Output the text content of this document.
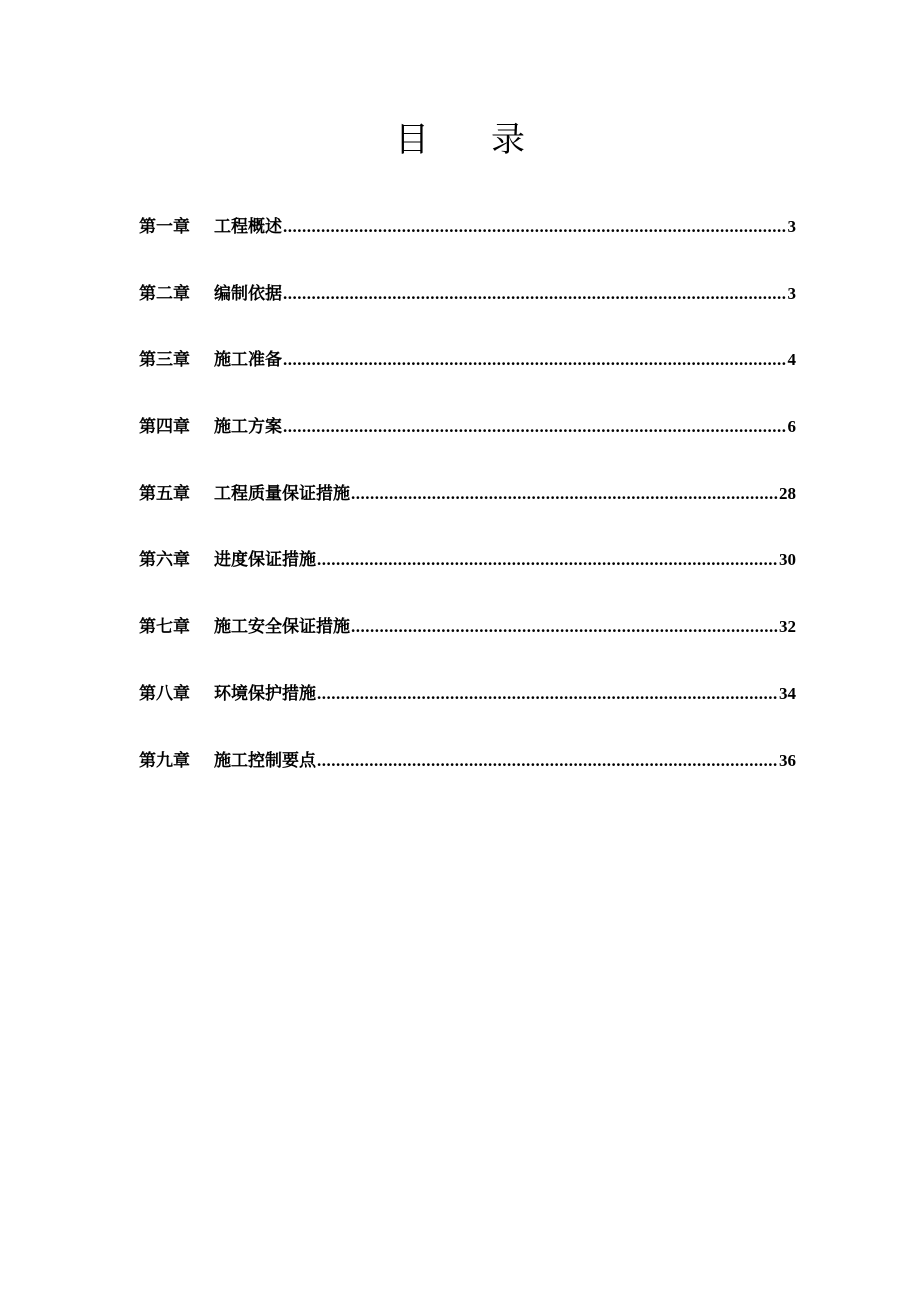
目 录
第一章	工程概述 .....	3
第二章	编制依据 .....	3
第三章	施工准备 .....	4
第四章	施工方案 .....	6
第五章	工程质量保证措施 .....	28
第六章	进度保证措施 .....	30
第七章	施工安全保证措施 .....	32
第八章	环境保护措施 .....	34
第九章	施工控制要点 .....	36
